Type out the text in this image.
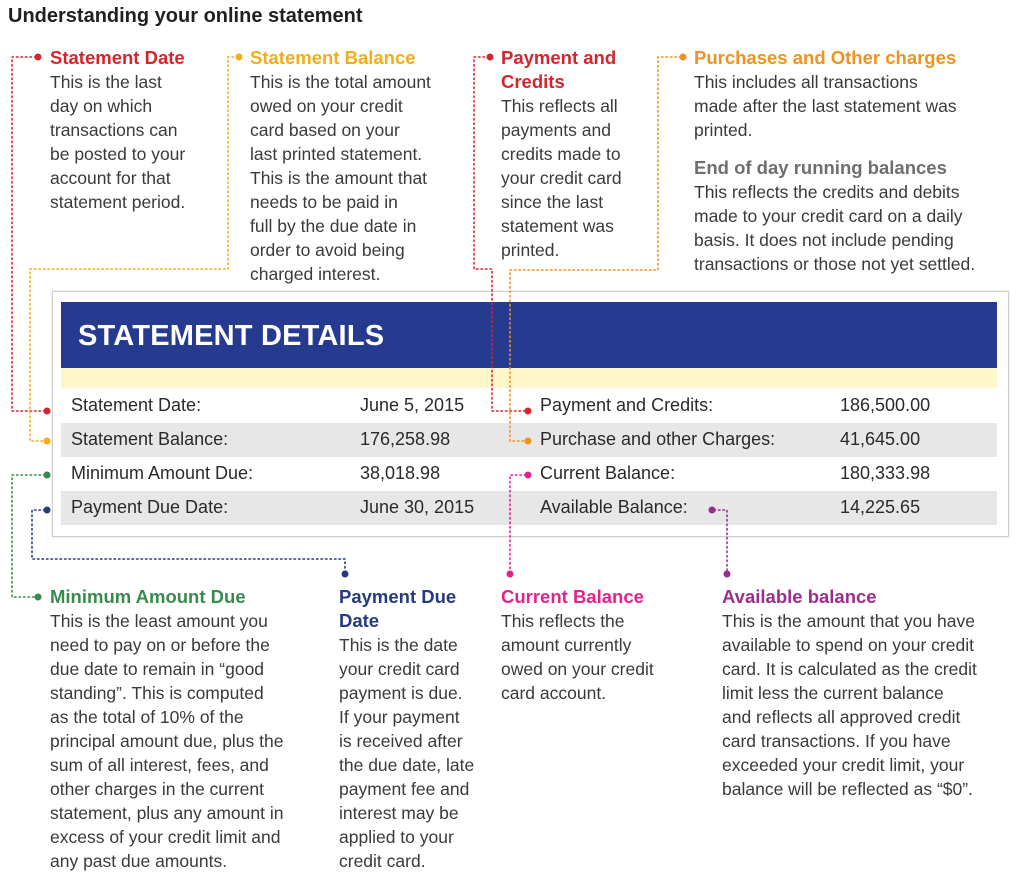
Understanding your online statement

Statement Date

This is the last

day on which

transactions can

be posted to your

account for that

statement period.

Statement Balance

This is the total amount

owed on your credit

card based on your

last printed statement.

This is the amount that

needs to be paid in

full by the due date in

order to avoid being

charged interest.

Payment and

Credits

This reflects all

payments and

credits made to

your credit card

since the last

statement was

printed.

Purchases and Other charges

This includes all transactions

made after the last statement was

printed.

End of day running balances

This reflects the credits and debits

made to your credit card on a daily

basis. It does not include pending

transactions or those not yet settled.

STATEMENT DETAILS
Statement Date:	June 5, 2015	Payment and Credits:	186,500.00
Statement Balance:	176,258.98	Purchase and other Charges:	41,645.00
Minimum Amount Due:	38,018.98	Current Balance:	180,333.98
Payment Due Date:	June 30, 2015	Available Balance:	14,225.65

Minimum Amount Due

This is the least amount you

need to pay on or before the

due date to remain in “good

standing”. This is computed

as the total of 10% of the

principal amount due, plus the

sum of all interest, fees, and

other charges in the current

statement, plus any amount in

excess of your credit limit and

any past due amounts.

Payment Due

Date

This is the date

your credit card

payment is due.

If your payment

is received after

the due date, late

payment fee and

interest may be

applied to your

credit card.

Current Balance

This reflects the

amount currently

owed on your credit

card account.

Available balance

This is the amount that you have

available to spend on your credit

card. It is calculated as the credit

limit less the current balance

and reflects all approved credit

card transactions. If you have

exceeded your credit limit, your

balance will be reflected as “$0”.
